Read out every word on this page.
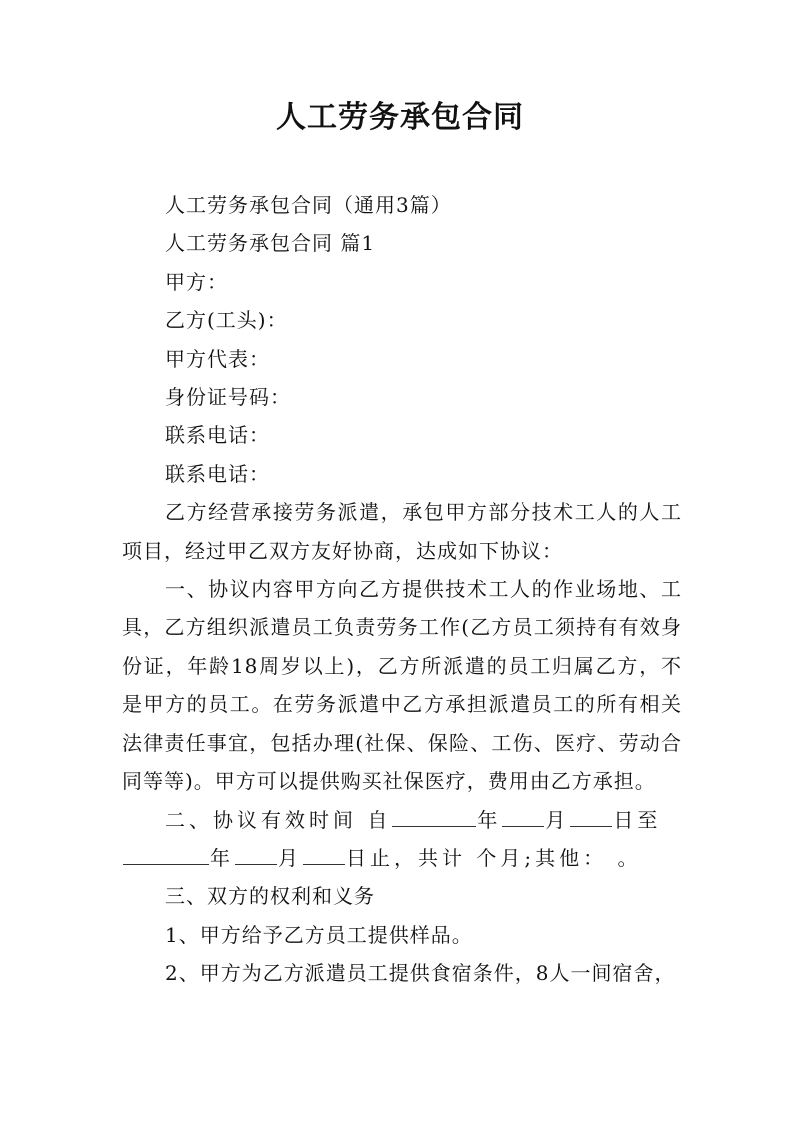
人工劳务承包合同
人工劳务承包合同（通用3篇）
人工劳务承包合同 篇1
甲方：
乙方(工头)：
甲方代表：
身份证号码：
联系电话：
联系电话：
乙方经营承接劳务派遣，承包甲方部分技术工人的人工项目，经过甲乙双方友好协商，达成如下协议：
一、协议内容甲方向乙方提供技术工人的作业场地、工具，乙方组织派遣员工负责劳务工作(乙方员工须持有有效身份证，年龄18周岁以上)，乙方所派遣的员工归属乙方，不是甲方的员工。在劳务派遣中乙方承担派遣员工的所有相关法律责任事宜，包括办理(社保、保险、工伤、医疗、劳动合同等等)。甲方可以提供购买社保医疗，费用由乙方承担。
二、协议有效时间 自	年 月 日至
年 月 日止，共计 个月;其他： 。
三、双方的权利和义务
1、甲方给予乙方员工提供样品。
2、甲方为乙方派遣员工提供食宿条件，8人一间宿舍，
